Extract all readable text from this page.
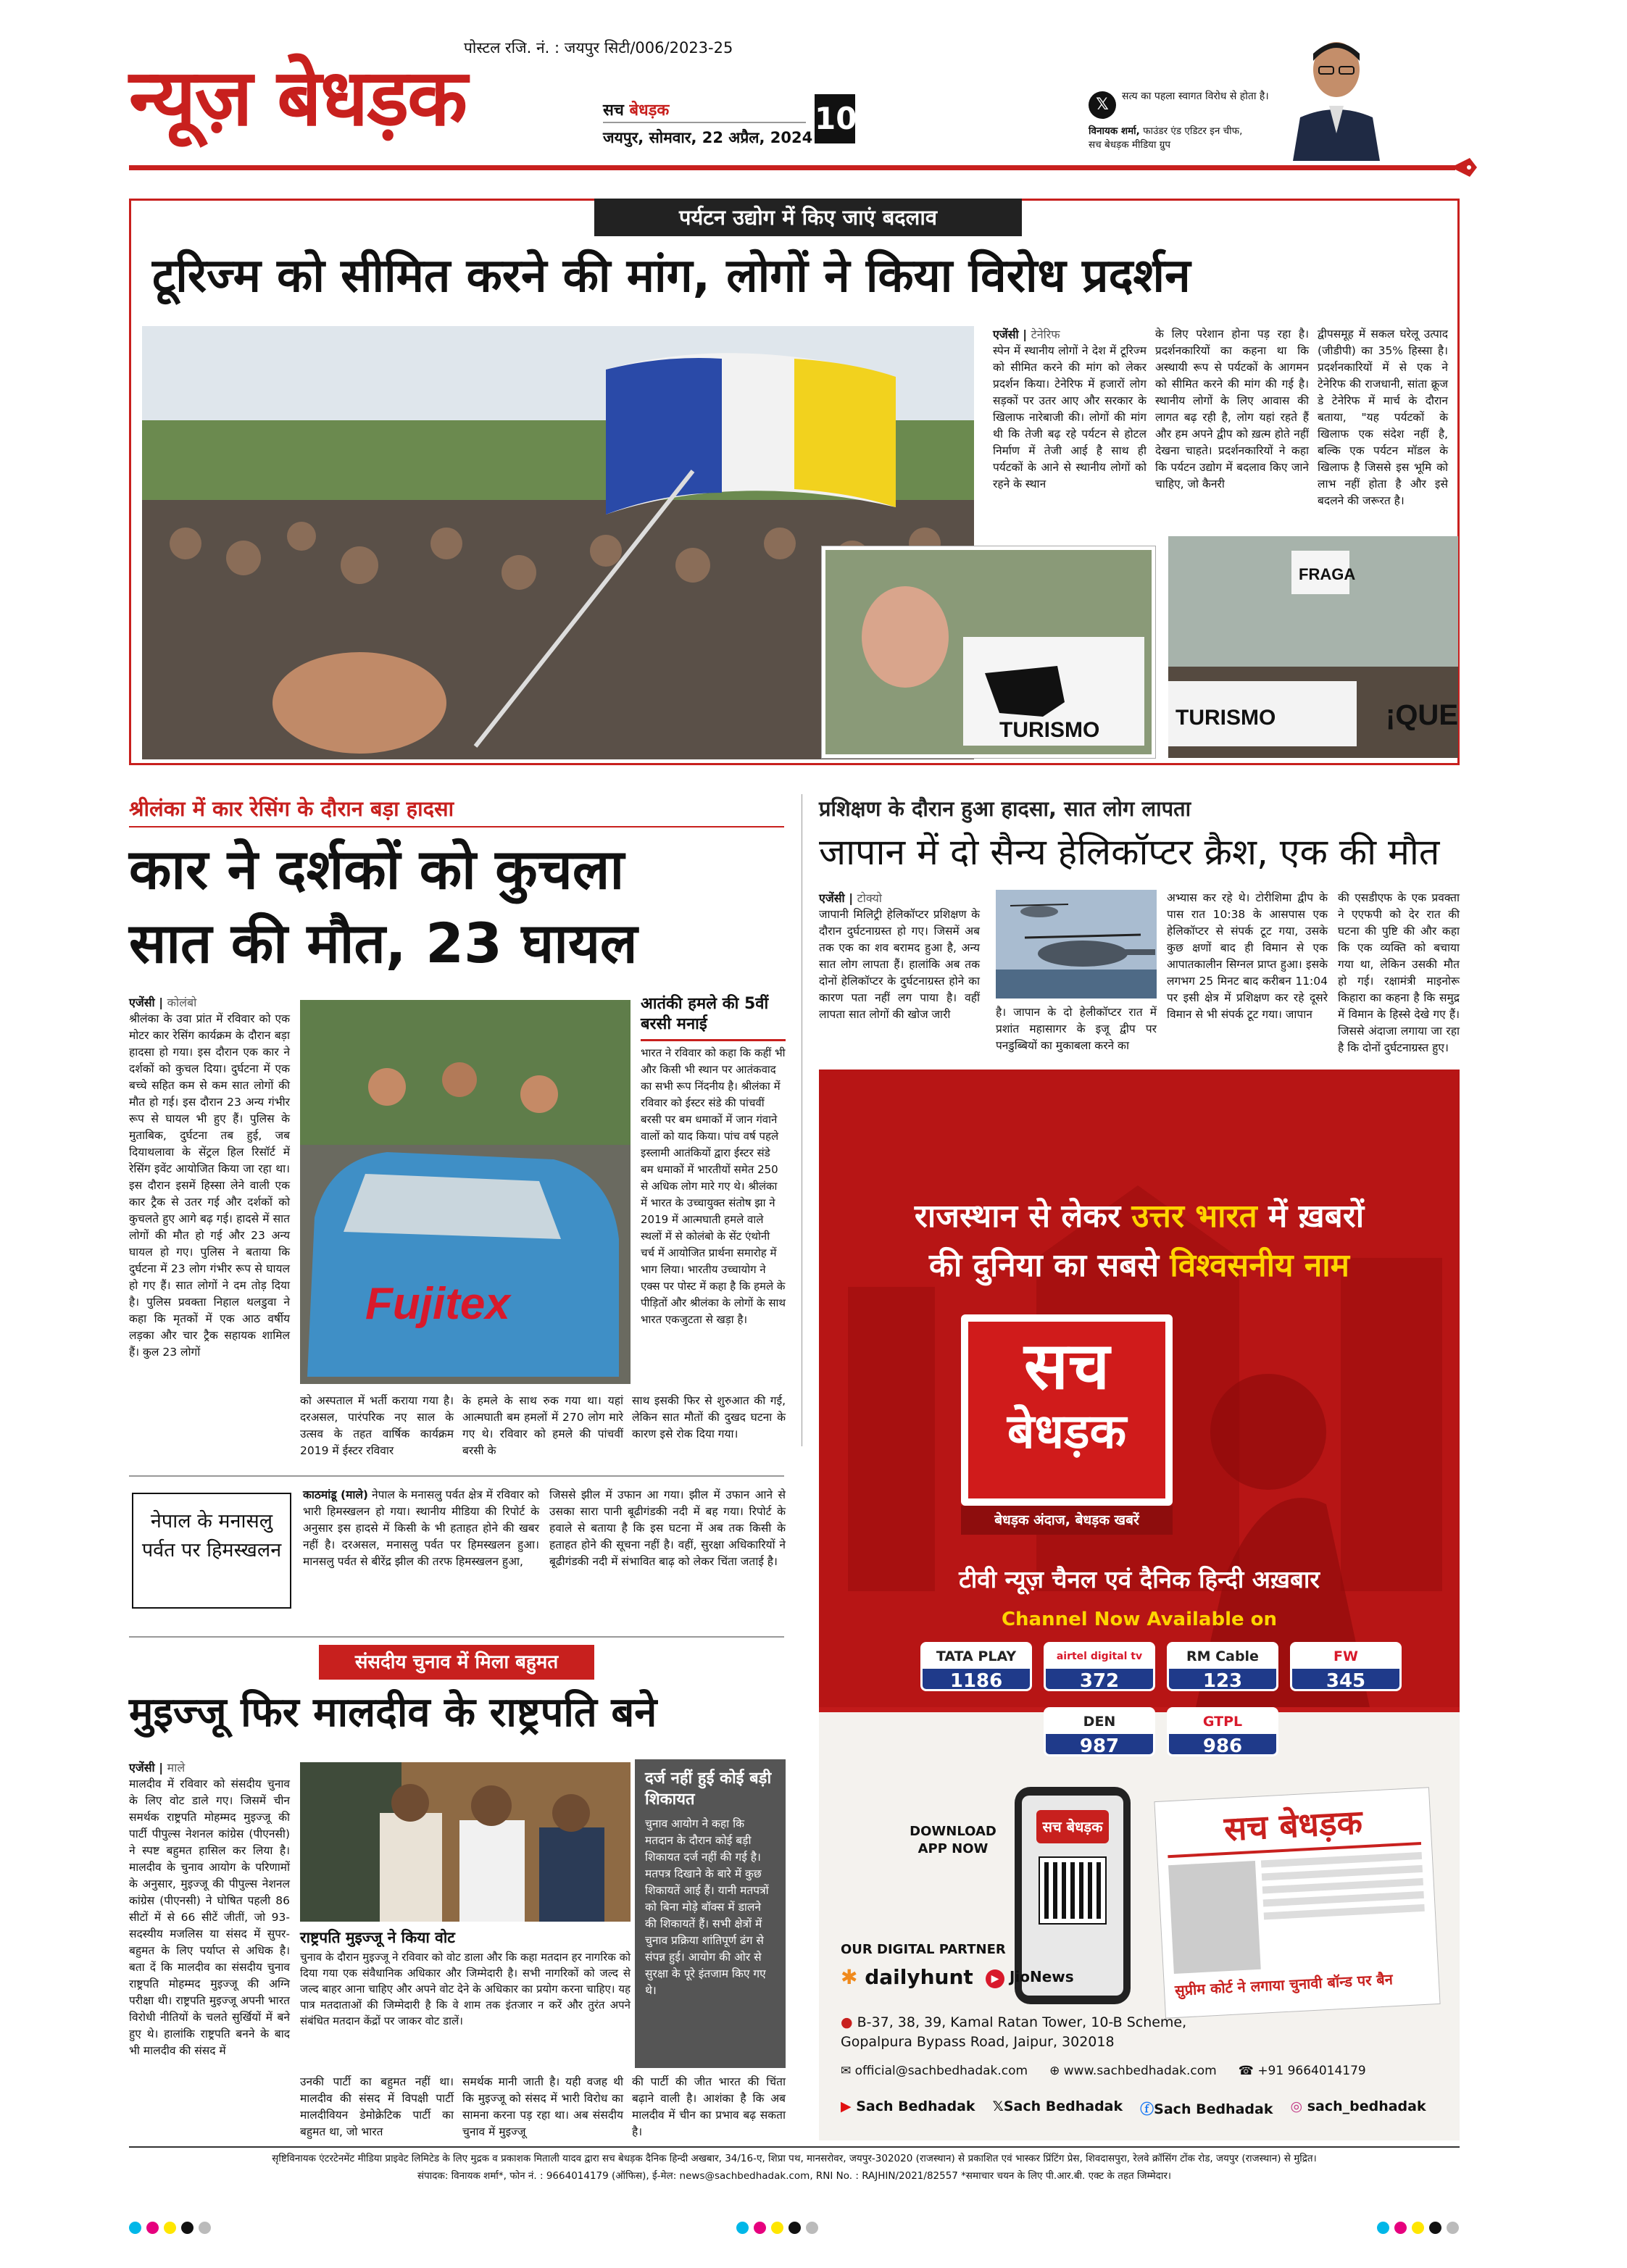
पोस्टल रजि. नं. : जयपुर सिटी/006/2023-25
न्यूज़ बेधड़क	सच बेधड़क
जयपुर, सोमवार, 22 अप्रैल, 2024
10	𝕏	सत्य का पहला स्वागत विरोध से होता है।
विनायक शर्मा, फाउंडर एंड एडिटर इन चीफ,
सच बेधड़क मीडिया ग्रुप
पर्यटन उद्योग में किए जाएं बदलाव
टूरिज्म को सीमित करने की मांग, लोगों ने किया विरोध प्रदर्शन
एजेंसी | टेनेरिफ

स्पेन में स्थानीय लोगों ने देश में टूरिज्म को सीमित करने की मांग को लेकर प्रदर्शन किया। टेनेरिफ में हजारों लोग सड़कों पर उतर आए और सरकार के खिलाफ नारेबाजी की। लोगों की मांग थी कि तेजी बढ़ रहे पर्यटन से होटल निर्माण में तेजी आई है साथ ही पर्यटकों के आने से स्थानीय लोगों को रहने के स्थान

के लिए परेशान होना पड़ रहा है। प्रदर्शनकारियों का कहना था कि अस्थायी रूप से पर्यटकों के आगमन को सीमित करने की मांग की गई है। स्थानीय लोगों के लिए आवास की लागत बढ़ रही है, लोग यहां रहते हैं और हम अपने द्वीप को ख़त्म होते नहीं देखना चाहते। प्रदर्शनकारियों ने कहा कि पर्यटन उद्योग में बदलाव किए जाने चाहिए, जो कैनरी

द्वीपसमूह में सकल घरेलू उत्पाद (जीडीपी) का 35% हिस्सा है। प्रदर्शनकारियों में से एक ने टेनेरिफ की राजधानी, सांता क्रूज डे टेनेरिफ में मार्च के दौरान बताया, "यह पर्यटकों के खिलाफ एक संदेश नहीं है, बल्कि एक पर्यटन मॉडल के खिलाफ है जिससे इस भूमि को लाभ नहीं होता है और इसे बदलने की जरूरत है।

TURISMO
FRAGA
TURISMO	¡QUE
श्रीलंका में कार रेसिंग के दौरान बड़ा हादसा
कार ने दर्शकों को कुचला
सात की मौत, 23 घायल
एजेंसी | कोलंबो

श्रीलंका के उवा प्रांत में रविवार को एक मोटर कार रेसिंग कार्यक्रम के दौरान बड़ा हादसा हो गया। इस दौरान एक कार ने दर्शकों को कुचल दिया। दुर्घटना में एक बच्चे सहित कम से कम सात लोगों की मौत हो गई। इस दौरान 23 अन्य गंभीर रूप से घायल भी हुए हैं। पुलिस के मुताबिक, दुर्घटना तब हुई, जब दियाथलावा के सेंट्रल हिल रिसॉर्ट में रेसिंग इवेंट आयोजित किया जा रहा था। इस दौरान इसमें हिस्सा लेने वाली एक कार ट्रैक से उतर गई और दर्शकों को कुचलते हुए आगे बढ़ गई। हादसे में सात लोगों की मौत हो गई और 23 अन्य घायल हो गए। पुलिस ने बताया कि दुर्घटना में 23 लोग गंभीर रूप से घायल हो गए हैं। सात लोगों ने दम तोड़ दिया है। पुलिस प्रवक्ता निहाल थलडुवा ने कहा कि मृतकों में एक आठ वर्षीय लड़का और चार ट्रैक सहायक शामिल हैं। कुल 23 लोगों

Fujitex
आतंकी हमले की 5वीं बरसी मनाई
भारत ने रविवार को कहा कि कहीं भी और किसी भी स्थान पर आतंकवाद का सभी रूप निंदनीय है। श्रीलंका में रविवार को ईस्टर संडे की पांचवीं बरसी पर बम धमाकों में जान गंवाने वालों को याद किया। पांच वर्ष पहले इस्लामी आतंकियों द्वारा ईस्टर संडे बम धमाकों में भारतीयों समेत 250 से अधिक लोग मारे गए थे। श्रीलंका में भारत के उच्चायुक्त संतोष झा ने 2019 में आत्मघाती हमले वाले स्थलों में से कोलंबो के सेंट एंथोनी चर्च में आयोजित प्रार्थना समारोह में भाग लिया। भारतीय उच्चायोग ने एक्स पर पोस्ट में कहा है कि हमले के पीड़ितों और श्रीलंका के लोगों के साथ भारत एकजुटता से खड़ा है।
को अस्पताल में भर्ती कराया गया है। दरअसल, पारंपरिक नए साल के उत्सव के तहत वार्षिक कार्यक्रम 2019 में ईस्टर रविवार
के हमले के साथ रुक गया था। यहां आत्मघाती बम हमलों में 270 लोग मारे गए थे। रविवार को हमले की पांचवीं बरसी के
साथ इसकी फिर से शुरुआत की गई, लेकिन सात मौतों की दुखद घटना के कारण इसे रोक दिया गया।
प्रशिक्षण के दौरान हुआ हादसा, सात लोग लापता
जापान में दो सैन्य हेलिकॉप्टर क्रैश, एक की मौत
एजेंसी | टोक्यो

जापानी मिलिट्री हेलिकॉप्टर प्रशिक्षण के दौरान दुर्घटनाग्रस्त हो गए। जिसमें अब तक एक का शव बरामद हुआ है, अन्य सात लोग लापता हैं। हालांकि अब तक दोनों हेलिकॉप्टर के दुर्घटनाग्रस्त होने का कारण पता नहीं लग पाया है। वहीं लापता सात लोगों की खोज जारी	है। जापान के दो हेलीकॉप्टर रात में प्रशांत महासागर के इजू द्वीप पर पनडुब्बियों का मुकाबला करने का
अभ्यास कर रहे थे। टोरीशिमा द्वीप के पास रात 10:38 के आसपास एक हेलिकॉप्टर से संपर्क टूट गया, उसके कुछ क्षणों बाद ही विमान से एक आपातकालीन सिग्नल प्राप्त हुआ। इसके लगभग 25 मिनट बाद करीबन 11:04 पर इसी क्षेत्र में प्रशिक्षण कर रहे दूसरे विमान से भी संपर्क टूट गया। जापान
की एसडीएफ के एक प्रवक्ता ने एएफपी को देर रात की घटना की पुष्टि की और कहा कि एक व्यक्ति को बचाया गया था, लेकिन उसकी मौत हो गई। रक्षामंत्री माइनोरू किहारा का कहना है कि समुद्र में विमान के हिस्से देखे गए हैं। जिससे अंदाजा लगाया जा रहा है कि दोनों दुर्घटनाग्रस्त हुए।
नेपाल के मनासलु पर्वत पर हिमस्खलन
काठमांडू (माले) नेपाल के मनासलु पर्वत क्षेत्र में रविवार को भारी हिमस्खलन हो गया। स्थानीय मीडिया की रिपोर्ट के अनुसार इस हादसे में किसी के भी हताहत होने की खबर नहीं है। दरअसल, मनासलु पर्वत पर हिमस्खलन हुआ। मानसलु पर्वत से बीरेंद्र झील की तरफ हिमस्खलन हुआ,
जिससे झील में उफान आ गया। झील में उफान आने से उसका सारा पानी बूढीगंडकी नदी में बह गया। रिपोर्ट के हवाले से बताया है कि इस घटना में अब तक किसी के हताहत होने की सूचना नहीं है। वहीं, सुरक्षा अधिकारियों ने बूढीगंडकी नदी में संभावित बाढ़ को लेकर चिंता जताई है।
संसदीय चुनाव में मिला बहुमत
मुइज्जू फिर मालदीव के राष्ट्रपति बने
एजेंसी | माले

मालदीव में रविवार को संसदीय चुनाव के लिए वोट डाले गए। जिसमें चीन समर्थक राष्ट्रपति मोहम्मद मुइज्जू की पार्टी पीपुल्स नेशनल कांग्रेस (पीएनसी) ने स्पष्ट बहुमत हासिल कर लिया है। मालदीव के चुनाव आयोग के परिणामों के अनुसार, मुइज्जू की पीपुल्स नेशनल कांग्रेस (पीएनसी) ने घोषित पहली 86 सीटों में से 66 सीटें जीतीं, जो 93-सदस्यीय मजलिस या संसद में सुपर-बहुमत के लिए पर्याप्त से अधिक है। बता दें कि मालदीव का संसदीय चुनाव राष्ट्रपति मोहम्मद मुइज्जू की अग्नि परीक्षा थी। राष्ट्रपति मुइज्जू अपनी भारत विरोधी नीतियों के चलते सुर्खियों में बने हुए थे। हालांकि राष्ट्रपति बनने के बाद भी मालदीव की संसद में

राष्ट्रपति मुइज्जू ने किया वोट
चुनाव के दौरान मुइज्जू ने रविवार को वोट डाला और कि कहा मतदान हर नागरिक को दिया गया एक संवैधानिक अधिकार और जिम्मेदारी है। सभी नागरिकों को जल्द से जल्द बाहर आना चाहिए और अपने वोट देने के अधिकार का प्रयोग करना चाहिए। यह पात्र मतदाताओं की जिम्मेदारी है कि वे शाम तक इंतजार न करें और तुरंत अपने संबंधित मतदान केंद्रों पर जाकर वोट डालें।
दर्ज नहीं हुई कोई बड़ी शिकायत
चुनाव आयोग ने कहा कि मतदान के दौरान कोई बड़ी शिकायत दर्ज नहीं की गई है। मतपत्र दिखाने के बारे में कुछ शिकायतें आई हैं। यानी मतपत्रों को बिना मोड़े बॉक्स में डालने की शिकायतें हैं। सभी क्षेत्रों में चुनाव प्रक्रिया शांतिपूर्ण ढंग से संपन्न हुई। आयोग की ओर से सुरक्षा के पूरे इंतजाम किए गए थे।
उनकी पार्टी का बहुमत नहीं था। मालदीव की संसद में विपक्षी पार्टी मालदीवियन डेमोक्रेटिक पार्टी का बहुमत था, जो भारत
समर्थक मानी जाती है। यही वजह थी कि मुइज्जू को संसद में भारी विरोध का सामना करना पड़ रहा था। अब संसदीय चुनाव में मुइज्जू
की पार्टी की जीत भारत की चिंता बढ़ाने वाली है। आशंका है कि अब मालदीव में चीन का प्रभाव बढ़ सकता है।
राजस्थान से लेकर उत्तर भारत में ख़बरों
की दुनिया का सबसे विश्वसनीय नाम
सच
बेधड़क
बेधड़क अंदाज, बेधड़क खबरें
टीवी न्यूज़ चैनल एवं दैनिक हिन्दी अख़बार
Channel Now Available on
TATA PLAY
1186
airtel digital tv
372
RM Cable
123
FW
345
DEN
987
GTPL
986
DOWNLOAD APP NOW
सच बेधड़क	सच बेधड़क
सुप्रीम कोर्ट ने लगाया चुनावी बॉन्ड पर बैन
OUR DIGITAL PARTNER
✱ dailyhunt	▶ JioNews
● B-37, 38, 39, Kamal Ratan Tower, 10-B Scheme, Gopalpura Bypass Road, Jaipur, 302018
✉ official@sachbedhadak.com ⊕ www.sachbedhadak.com ☎ +91 9664014179
▶ Sach Bedhadak 𝕏Sach Bedhadak ⓕSach Bedhadak ◎ sach_bedhadak
सृष्टिविनायक एंटरटेनमेंट मीडिया प्राइवेट लिमिटेड के लिए मुद्रक व प्रकाशक मिताली यादव द्वारा सच बेधड़क दैनिक हिन्दी अखबार, 34/16-ए, शिप्रा पथ, मानसरोवर, जयपुर-302020 (राजस्थान) से प्रकाशित एवं भास्कर प्रिंटिंग प्रेस, शिवदासपुरा, रेलवे क्रॉसिंग टोंक रोड, जयपुर (राजस्थान) से मुद्रित।
संपादक: विनायक शर्मा*, फोन नं. : 9664014179 (ऑफिस), ई-मेल: news@sachbedhadak.com, RNI No. : RAJHIN/2021/82557 *समाचार चयन के लिए पी.आर.बी. एक्ट के तहत जिम्मेदार।
